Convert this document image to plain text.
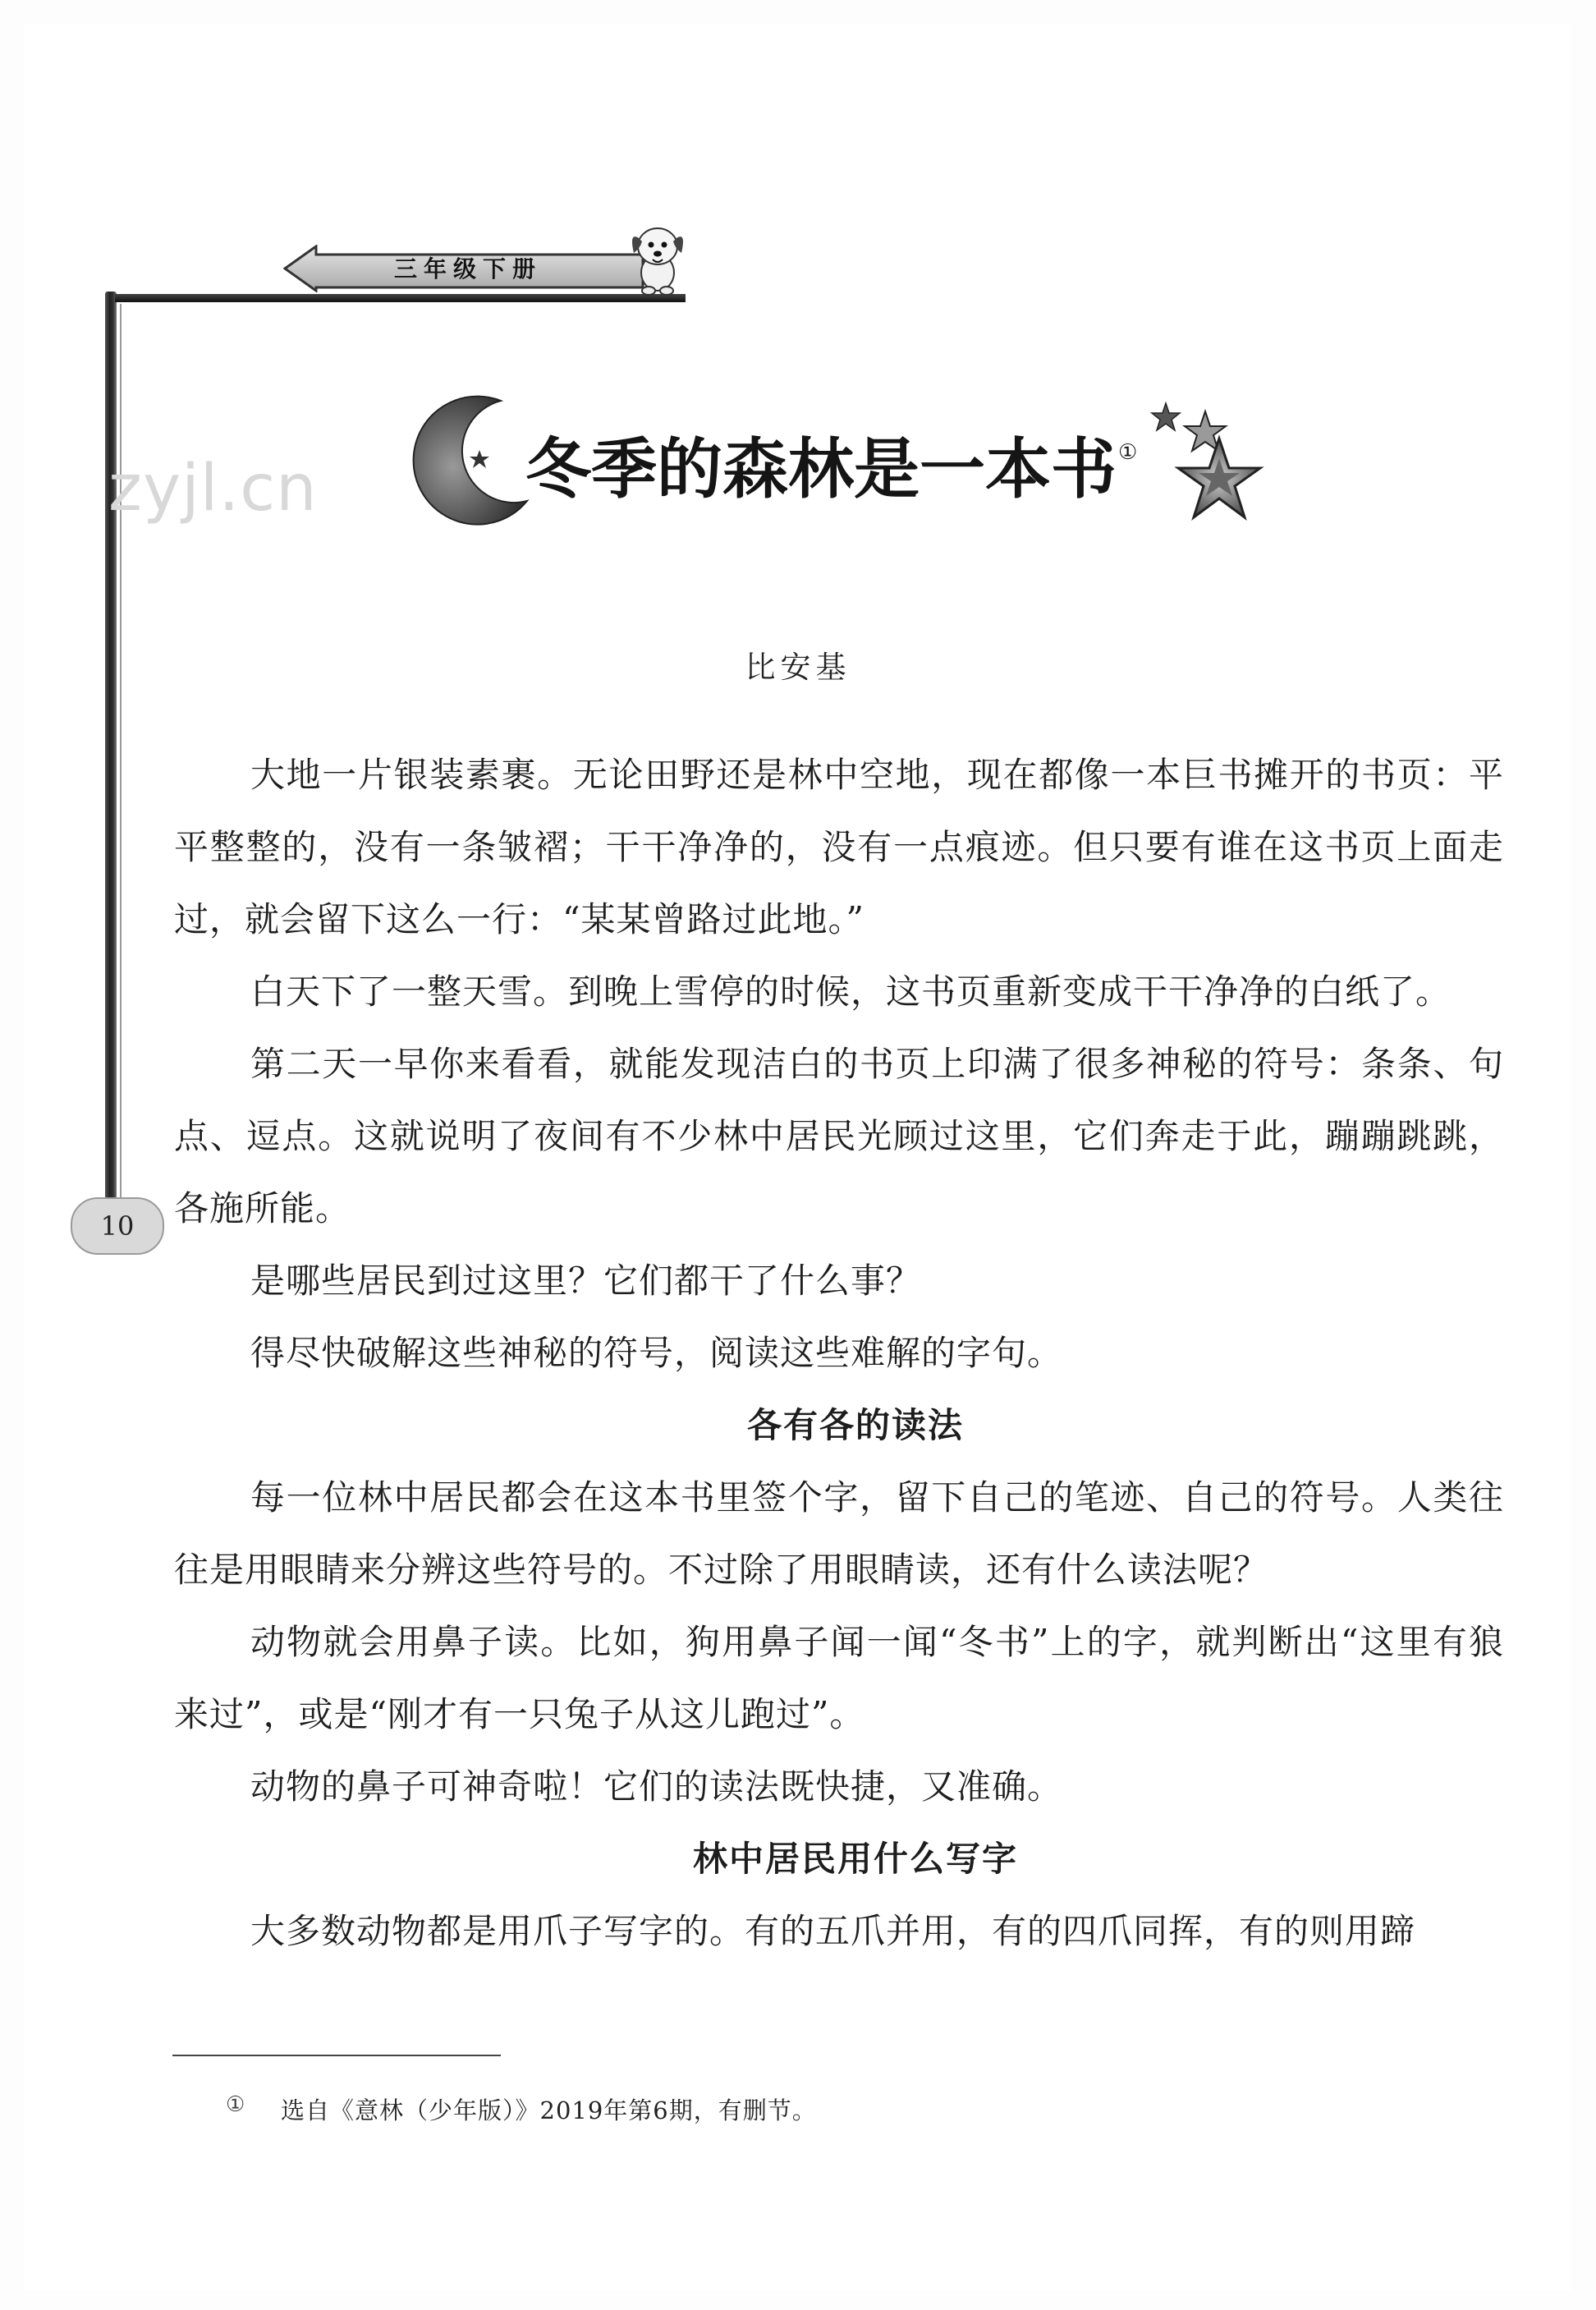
三年级下册
zyjl.cn	冬季的森林是一本书①
比安基

大地一片银装素裹。无论田野还是林中空地，现在都像一本巨书摊开的书页：平平整整的，没有一条皱褶；干干净净的，没有一点痕迹。但只要有谁在这书页上面走过，就会留下这么一行：“某某曾路过此地。”

白天下了一整天雪。到晚上雪停的时候，这书页重新变成干干净净的白纸了。

第二天一早你来看看，就能发现洁白的书页上印满了很多神秘的符号：条条、句点、逗点。这就说明了夜间有不少林中居民光顾过这里，它们奔走于此，蹦蹦跳跳，各施所能。

是哪些居民到过这里？它们都干了什么事？

得尽快破解这些神秘的符号，阅读这些难解的字句。

各有各的读法

每一位林中居民都会在这本书里签个字，留下自己的笔迹、自己的符号。人类往往是用眼睛来分辨这些符号的。不过除了用眼睛读，还有什么读法呢？

动物就会用鼻子读。比如，狗用鼻子闻一闻“冬书”上的字，就判断出“这里有狼来过”，或是“刚才有一只兔子从这儿跑过”。

动物的鼻子可神奇啦！它们的读法既快捷，又准确。

林中居民用什么写字

大多数动物都是用爪子写字的。有的五爪并用，有的四爪同挥，有的则用蹄

10
① 选自《意林（少年版）》2019年第6期，有删节。
